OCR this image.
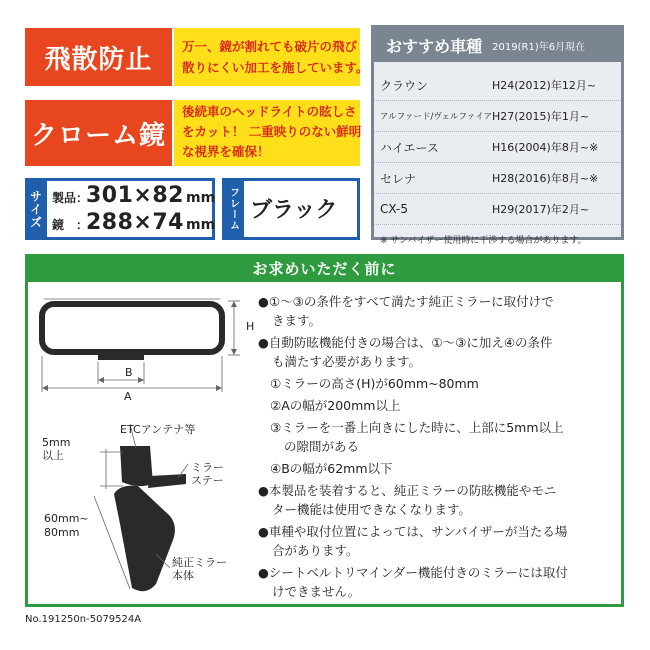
飛散防止 万一、鏡が割れても破片の飛び
散りにくい加工を施しています。
クローム鏡
後続車のヘッドライトの眩しさ
をカット！ 二重映りのない鮮明
な視界を確保！
サイズ 製品：
301×82 mm
鏡　：
288×74 mm フレーム ブラック
おすすめ車種 2019(R1)年6月現在
クラウン	H24(2012)年12月~
アルファード/ヴェルファイア H27(2015)年1月~
ハイエース	H16(2004)年8月~※
セレナ	H28(2016)年8月~※
CX-5	H29(2017)年2月~
※ サンバイザー使用時に干渉する場合があります。
お求めいただく前に
H
B
A
5mm
以上
ETCアンテナ等
ミラー
ステー
60mm~
80mm
純正ミラー
本体
●①～③の条件をすべて満たす純正ミラーに取付けで
きます。
●自動防眩機能付きの場合は、①～③に加え④の条件
も満たす必要があります。
①ミラーの高さ(H)が60mm~80mm
②Aの幅が200mm以上
③ミラーを一番上向きにした時に、上部に5mm以上
の隙間がある
④Bの幅が62mm以下
●本製品を装着すると、純正ミラーの防眩機能やモニ
ター機能は使用できなくなります。
●車種や取付位置によっては、サンバイザーが当たる場
合があります。
●シートベルトリマインダー機能付きのミラーには取付
けできません。
No.191250n-5079524A
